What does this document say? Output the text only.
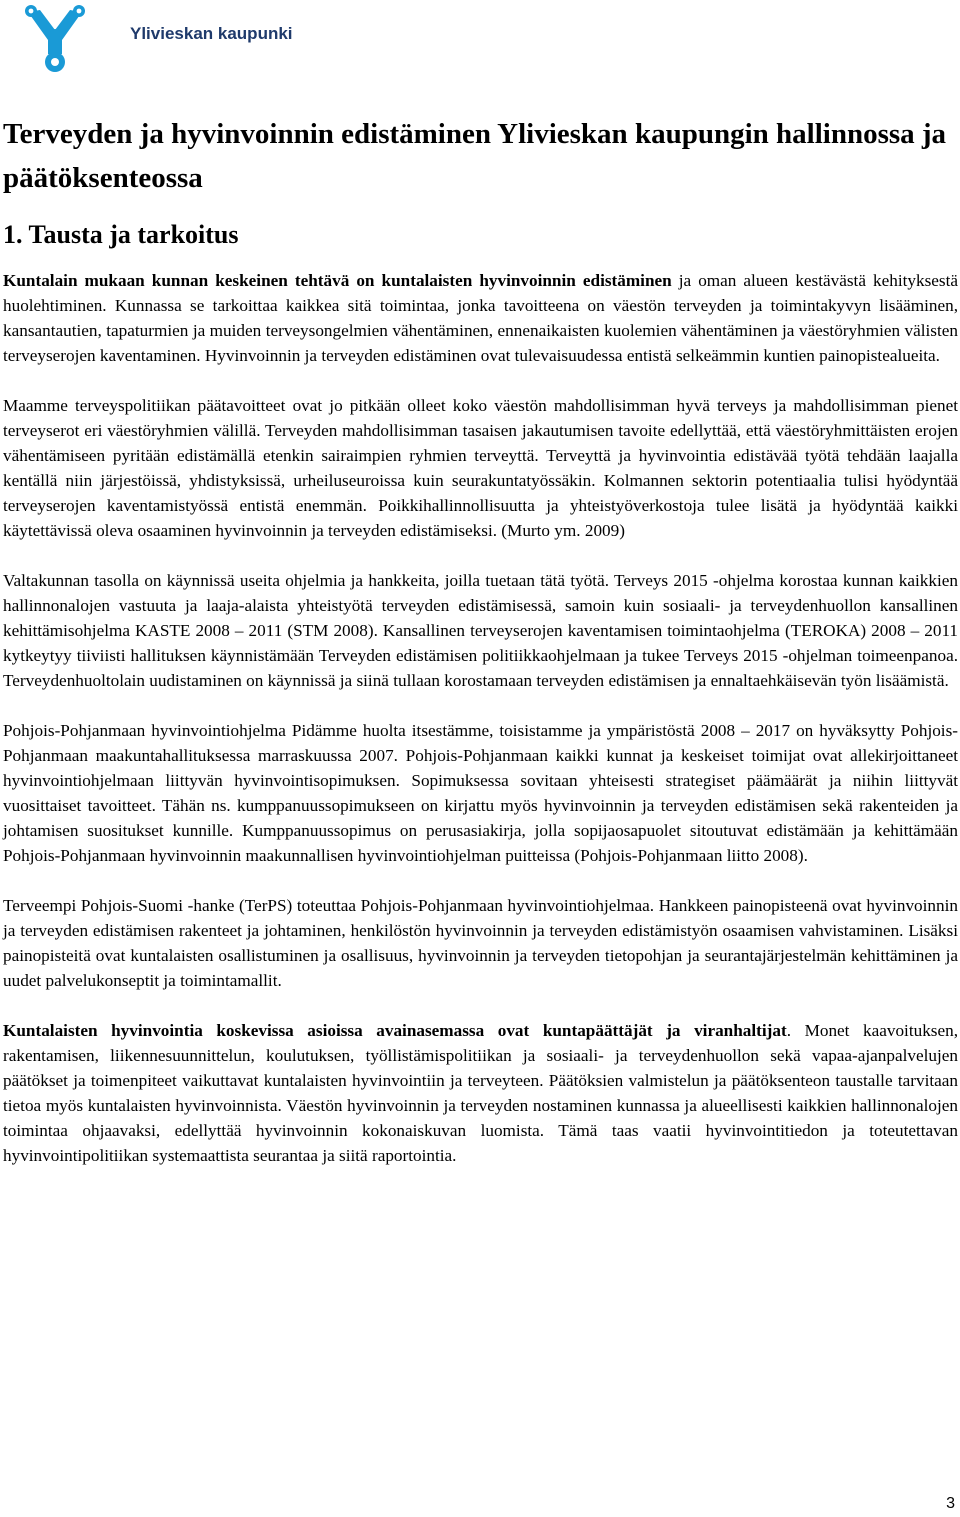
Ylivieskan kaupunki
Terveyden ja hyvinvoinnin edistäminen Ylivieskan kaupungin hallinnossa ja päätöksenteossa
1. Tausta ja tarkoitus

Kuntalain mukaan kunnan keskeinen tehtävä on kuntalaisten hyvinvoinnin edistäminen ja oman alueen kestävästä kehityksestä huolehtiminen. Kunnassa se tarkoittaa kaikkea sitä toimintaa, jonka tavoitteena on väestön terveyden ja toimintakyvyn lisääminen, kansantautien, tapaturmien ja muiden terveysongelmien vähentäminen, ennenaikaisten kuolemien vähentäminen ja väestöryhmien välisten terveyserojen kaventaminen. Hyvinvoinnin ja terveyden edistäminen ovat tulevaisuudessa entistä selkeämmin kuntien painopistealueita.

Maamme terveyspolitiikan päätavoitteet ovat jo pitkään olleet koko väestön mahdollisimman hyvä terveys ja mahdollisimman pienet terveyserot eri väestöryhmien välillä. Terveyden mahdollisimman tasaisen jakautumisen tavoite edellyttää, että väestöryhmittäisten erojen vähentämiseen pyritään edistämällä etenkin sairaimpien ryhmien terveyttä. Terveyttä ja hyvinvointia edistävää työtä tehdään laajalla kentällä niin järjestöissä, yhdistyksissä, urheiluseuroissa kuin seurakuntatyössäkin. Kolmannen sektorin potentiaalia tulisi hyödyntää terveyserojen kaventamistyössä entistä enemmän. Poikkihallinnollisuutta ja yhteistyöverkostoja tulee lisätä ja hyödyntää kaikki käytettävissä oleva osaaminen hyvinvoinnin ja terveyden edistämiseksi. (Murto ym. 2009)

Valtakunnan tasolla on käynnissä useita ohjelmia ja hankkeita, joilla tuetaan tätä työtä. Terveys 2015 -ohjelma korostaa kunnan kaikkien hallinnonalojen vastuuta ja laaja-alaista yhteistyötä terveyden edistämisessä, samoin kuin sosiaali- ja terveydenhuollon kansallinen kehittämisohjelma KASTE 2008 – 2011 (STM 2008). Kansallinen terveyserojen kaventamisen toimintaohjelma (TEROKA) 2008 – 2011 kytkeytyy tiiviisti hallituksen käynnistämään Terveyden edistämisen politiikkaohjelmaan ja tukee Terveys 2015 -ohjelman toimeenpanoa. Terveydenhuoltolain uudistaminen on käynnissä ja siinä tullaan korostamaan terveyden edistämisen ja ennaltaehkäisevän työn lisäämistä.

Pohjois-Pohjanmaan hyvinvointiohjelma Pidämme huolta itsestämme, toisistamme ja ympäristöstä 2008 – 2017 on hyväksytty Pohjois-Pohjanmaan maakuntahallituksessa marraskuussa 2007. Pohjois-Pohjanmaan kaikki kunnat ja keskeiset toimijat ovat allekirjoittaneet hyvinvointiohjelmaan liittyvän hyvinvointisopimuksen. Sopimuksessa sovitaan yhteisesti strategiset päämäärät ja niihin liittyvät vuosittaiset tavoitteet. Tähän ns. kumppanuussopimukseen on kirjattu myös hyvinvoinnin ja terveyden edistämisen sekä rakenteiden ja johtamisen suositukset kunnille. Kumppanuussopimus on perusasiakirja, jolla sopijaosapuolet sitoutuvat edistämään ja kehittämään Pohjois-Pohjanmaan hyvinvoinnin maakunnallisen hyvinvointiohjelman puitteissa (Pohjois-Pohjanmaan liitto 2008).

Terveempi Pohjois-Suomi -hanke (TerPS) toteuttaa Pohjois-Pohjanmaan hyvinvointiohjelmaa. Hankkeen painopisteenä ovat hyvinvoinnin ja terveyden edistämisen rakenteet ja johtaminen, henkilöstön hyvinvoinnin ja terveyden edistämistyön osaamisen vahvistaminen. Lisäksi painopisteitä ovat kuntalaisten osallistuminen ja osallisuus, hyvinvoinnin ja terveyden tietopohjan ja seurantajärjestelmän kehittäminen ja uudet palvelukonseptit ja toimintamallit.

Kuntalaisten hyvinvointia koskevissa asioissa avainasemassa ovat kuntapäättäjät ja viranhaltijat. Monet kaavoituksen, rakentamisen, liikennesuunnittelun, koulutuksen, työllistämispolitiikan ja sosiaali- ja terveydenhuollon sekä vapaa-ajanpalvelujen päätökset ja toimenpiteet vaikuttavat kuntalaisten hyvinvointiin ja terveyteen. Päätöksien valmistelun ja päätöksenteon taustalle tarvitaan tietoa myös kuntalaisten hyvinvoinnista. Väestön hyvinvoinnin ja terveyden nostaminen kunnassa ja alueellisesti kaikkien hallinnonalojen toimintaa ohjaavaksi, edellyttää hyvinvoinnin kokonaiskuvan luomista. Tämä taas vaatii hyvinvointitiedon ja toteutettavan hyvinvointipolitiikan systemaattista seurantaa ja siitä raportointia.

3
